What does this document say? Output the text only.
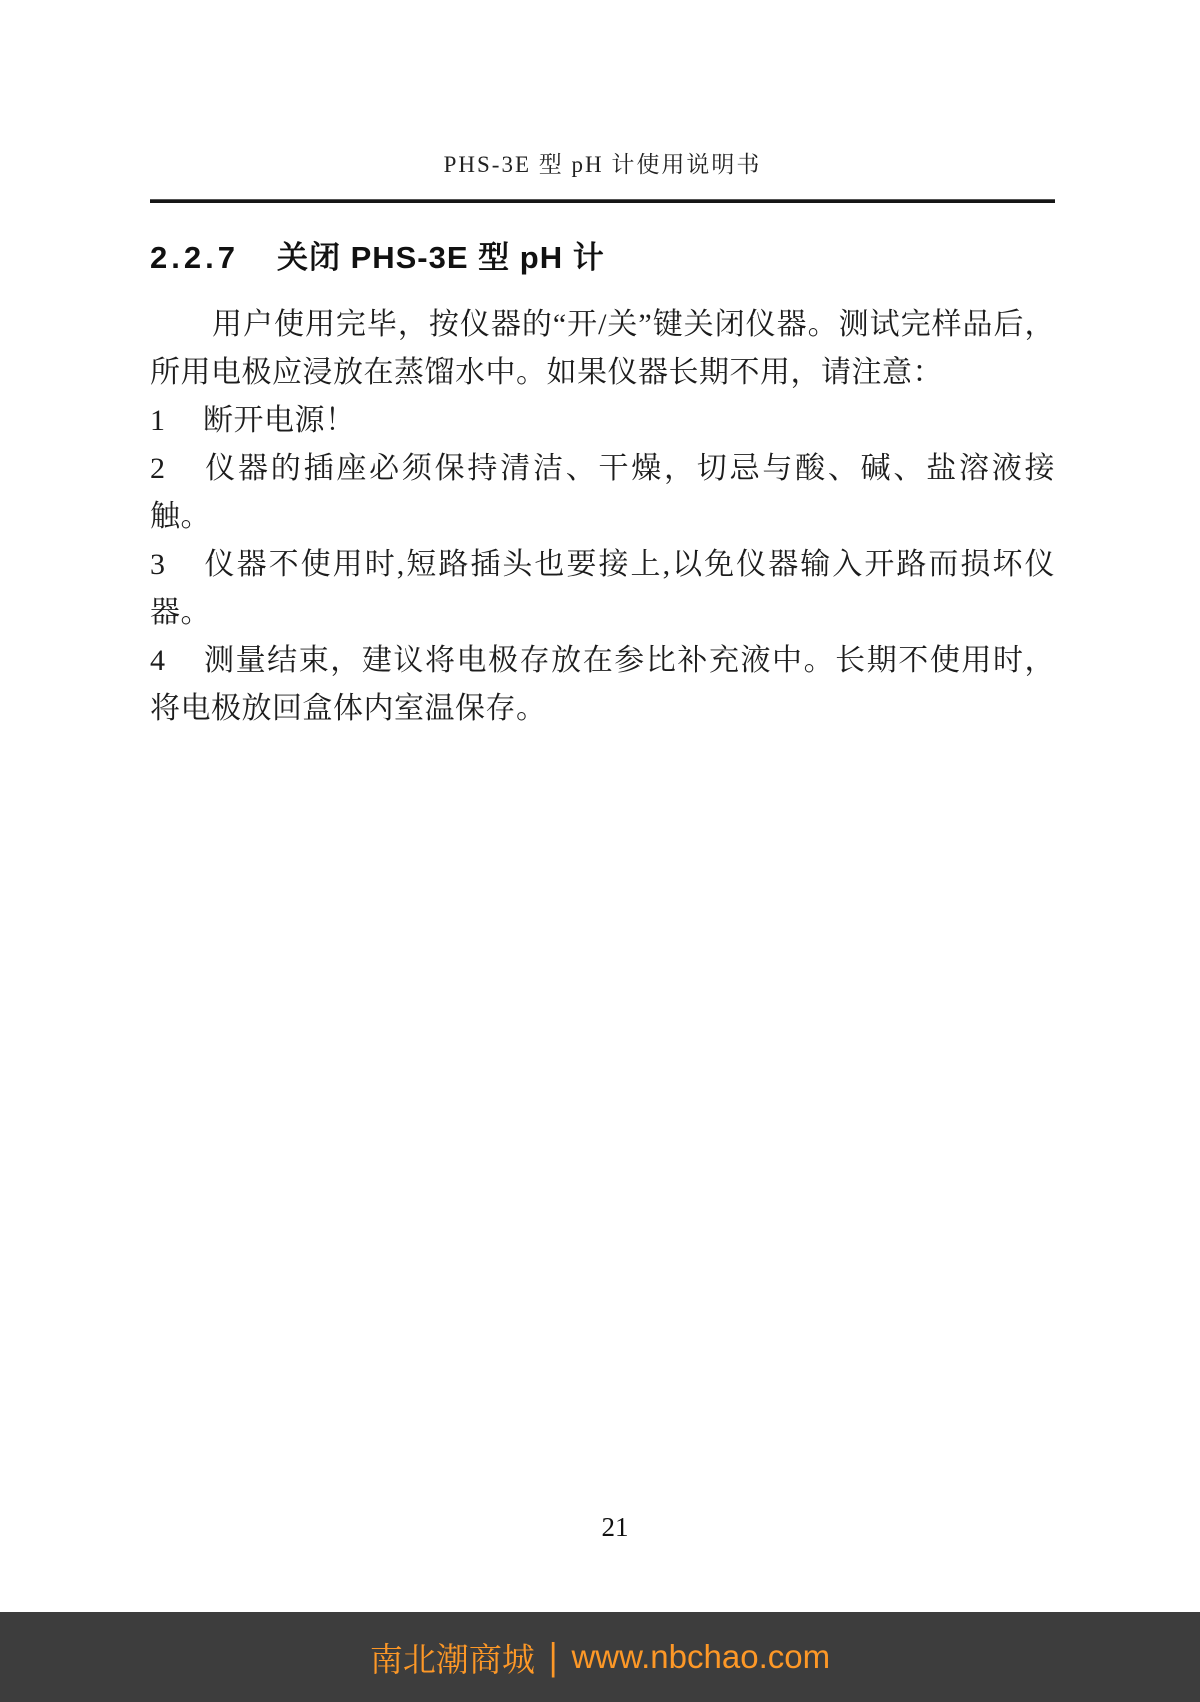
PHS-3E 型 pH 计使用说明书
2.2.7 关闭 PHS-3E 型 pH 计

用户使用完毕，按仪器的“开/关”键关闭仪器。测试完样品后，所用电极应浸放在蒸馏水中。如果仪器长期不用，请注意：

1 断开电源！

2 仪器的插座必须保持清洁、干燥，切忌与酸、碱、盐溶液接触。

3 仪器不使用时,短路插头也要接上,以免仪器输入开路而损坏仪器。

4 测量结束，建议将电极存放在参比补充液中。长期不使用时，将电极放回盒体内室温保存。

21
南北潮商城 | www.nbchao.com
